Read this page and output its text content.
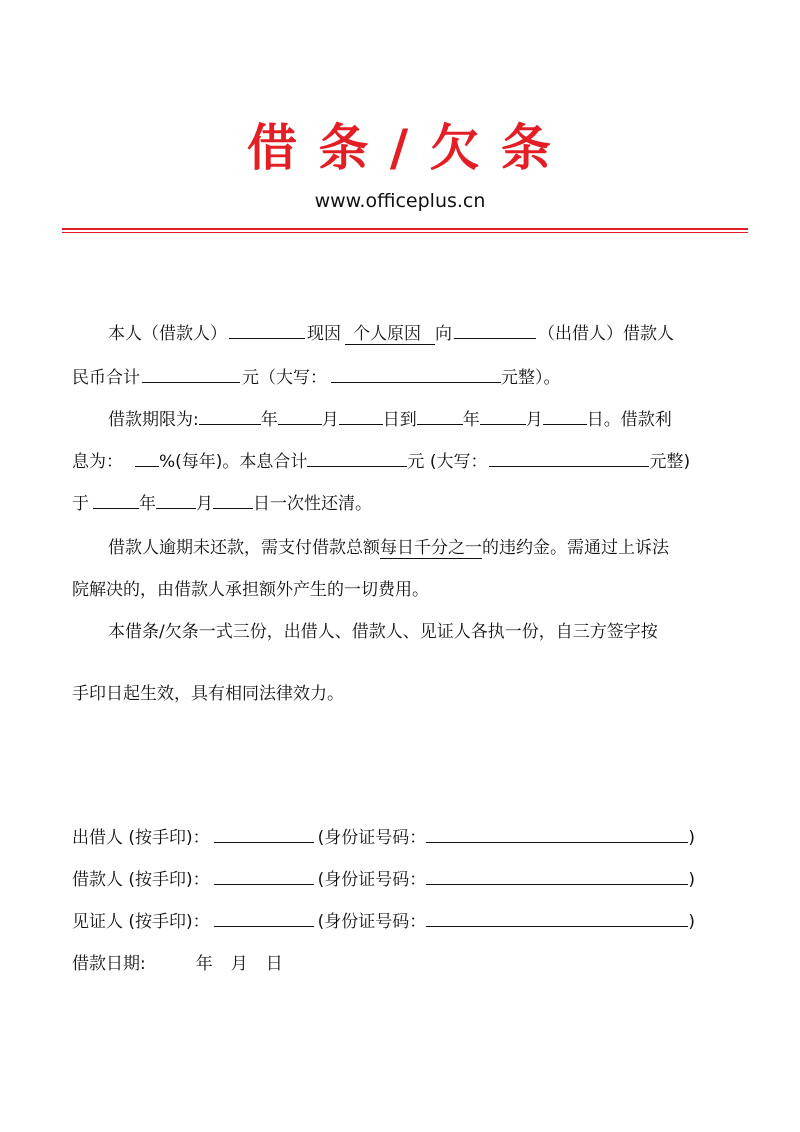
借 条 / 欠 条
www.officeplus.cn
本人（借款人）	现因 个人原因 向	（出借人）借款人
民币合计	元（大写：	元整）。
借款期限为:	年	月	日到	年	月	日。借款利
息为： %(每年)。本息合计	元 (大写：	元整)
于	年 月 日一次性还清。
借款人逾期未还款，需支付借款总额每日千分之一的违约金。需通过上诉法
院解决的，由借款人承担额外产生的一切费用。
本借条/欠条一式三份，出借人、借款人、见证人各执一份，自三方签字按
手印日起生效，具有相同法律效力。
出借人 (按手印)：	(身份证号码：	)
借款人 (按手印)：	(身份证号码：	)
见证人 (按手印)：	(身份证号码：	)
借款日期:	年 月 日
